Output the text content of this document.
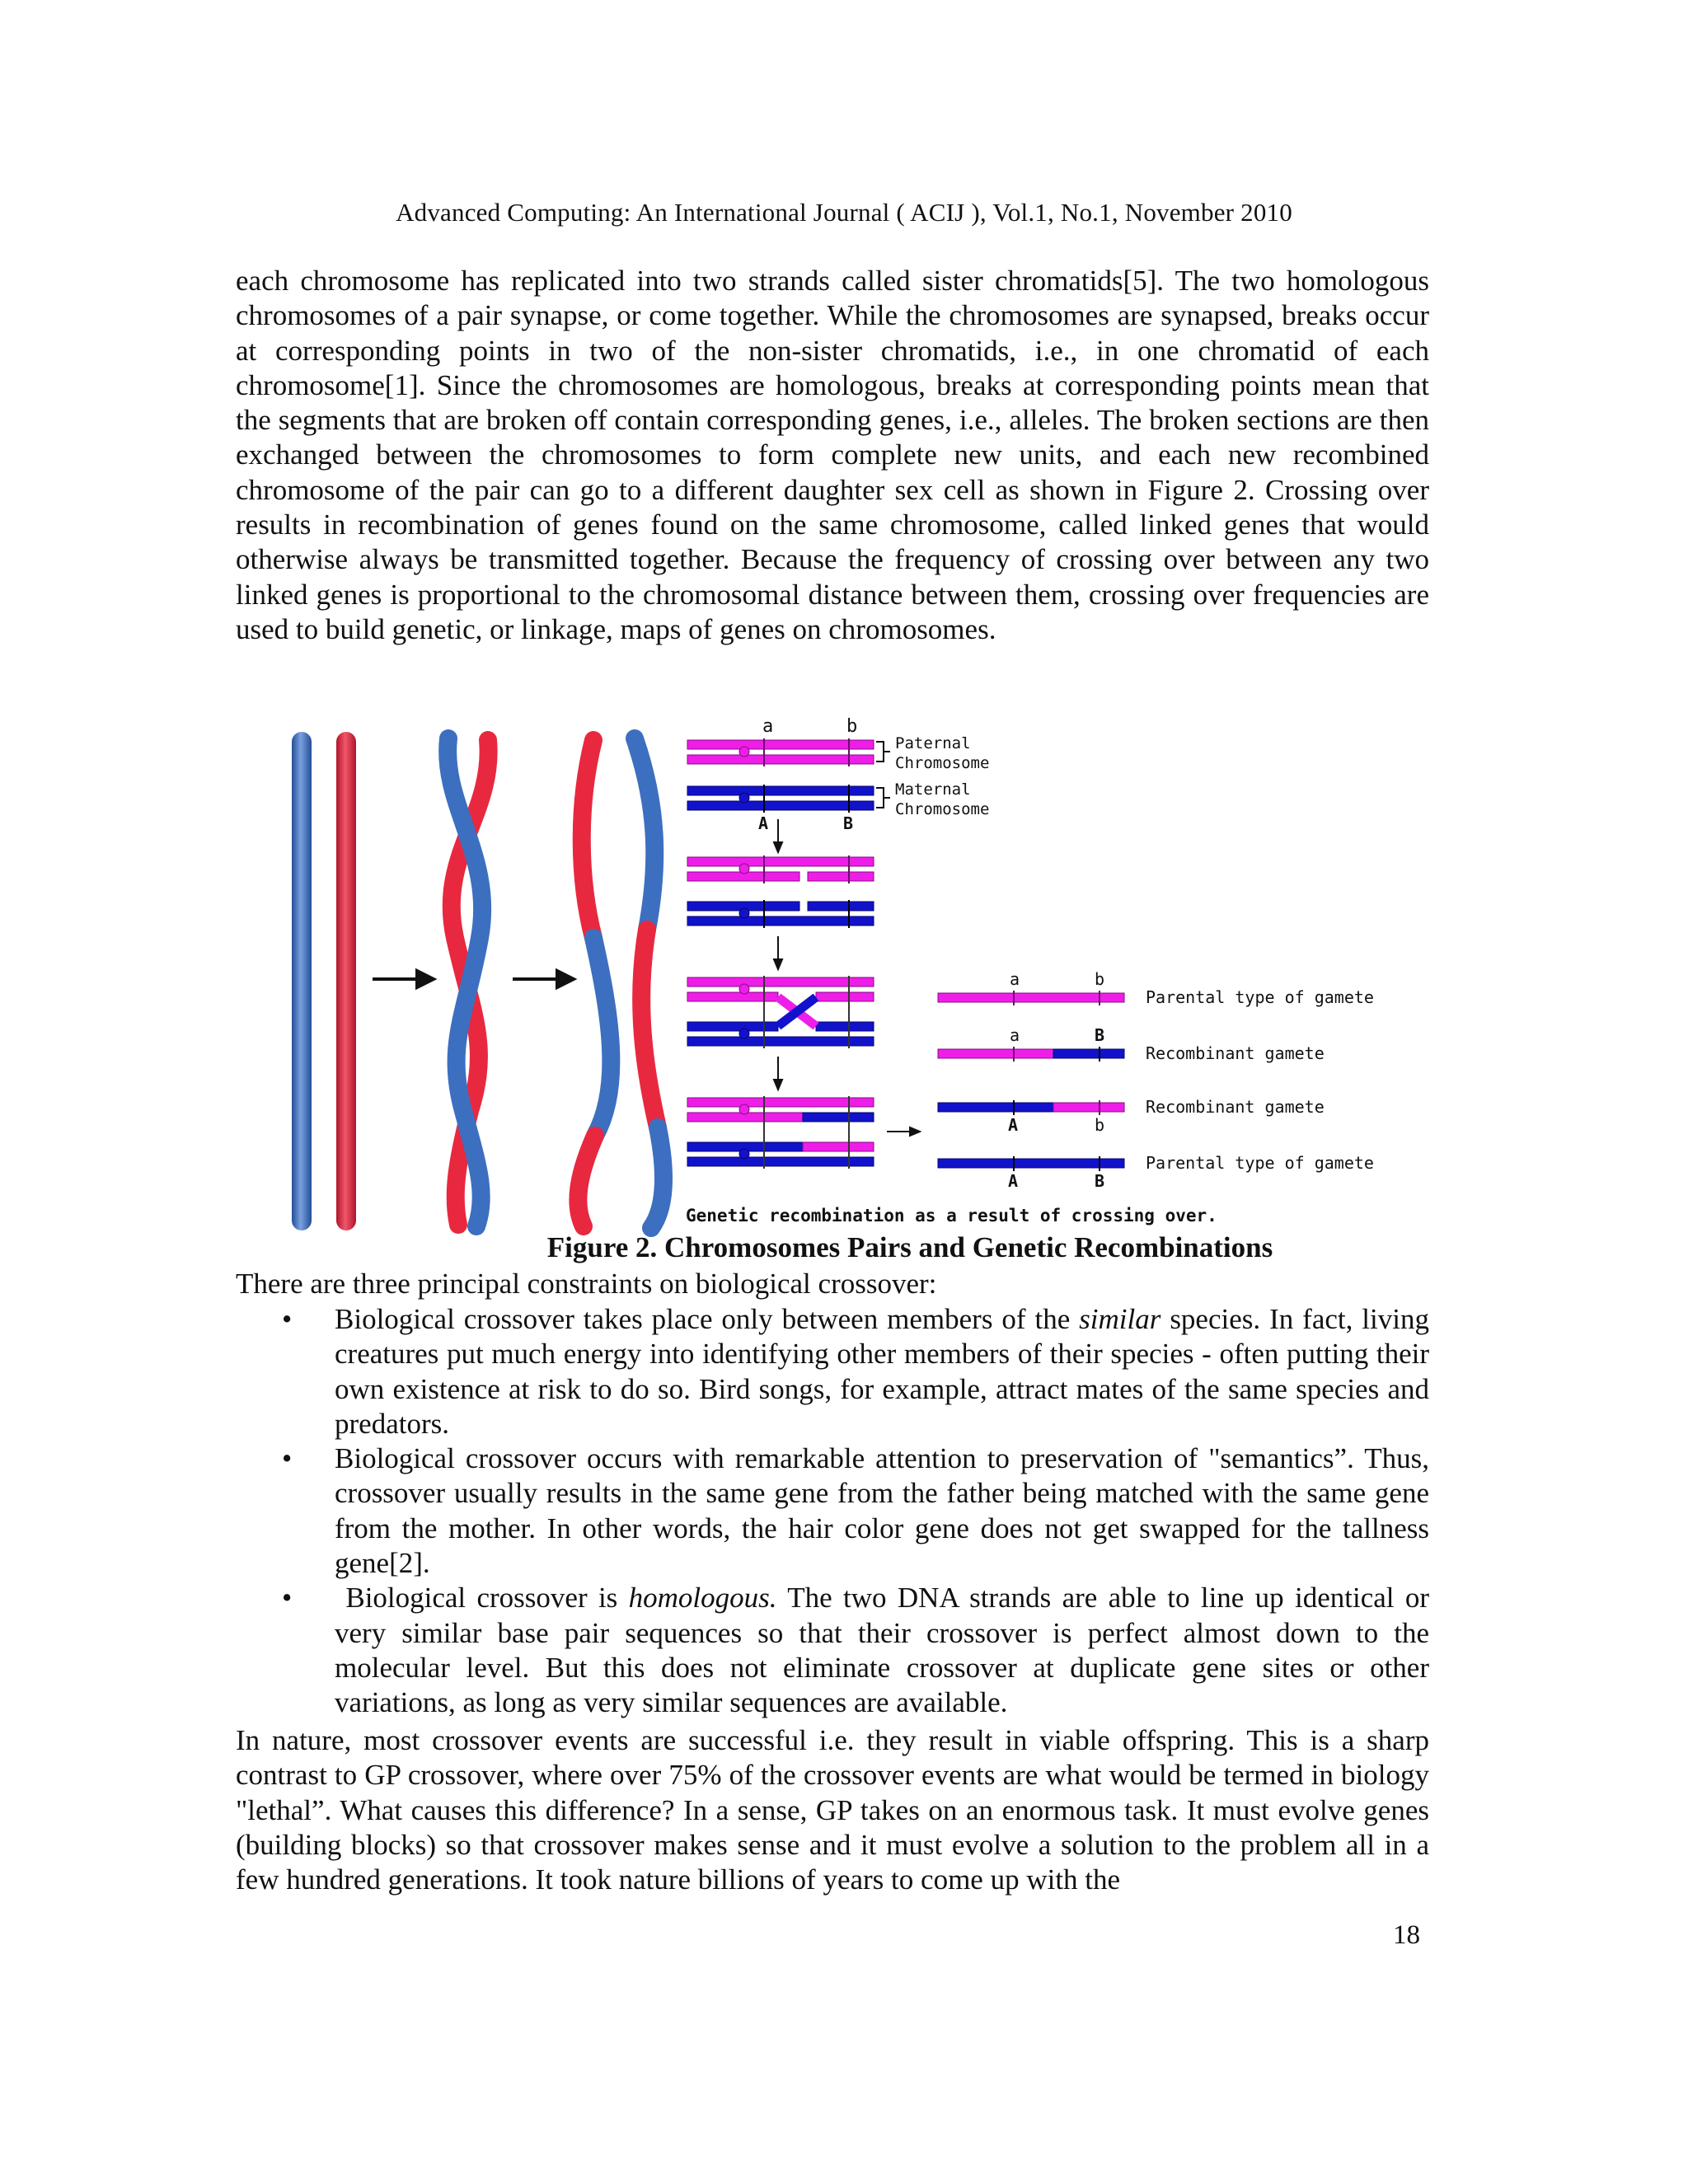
Advanced Computing: An International Journal ( ACIJ ), Vol.1, No.1, November 2010

each chromosome has replicated into two strands called sister chromatids[5]. The two homologous chromosomes of a pair synapse, or come together. While the chromosomes are synapsed, breaks occur at corresponding points in two of the non-sister chromatids, i.e., in one chromatid of each chromosome[1]. Since the chromosomes are homologous, breaks at corresponding points mean that the segments that are broken off contain corresponding genes, i.e., alleles. The broken sections are then exchanged between the chromosomes to form complete new units, and each new recombined chromosome of the pair can go to a different daughter sex cell as shown in Figure 2. Crossing over results in recombination of genes found on the same chromosome, called linked genes that would otherwise always be transmitted together. Because the frequency of crossing over between any two linked genes is proportional to the chromosomal distance between them, crossing over frequencies are used to build genetic, or linkage, maps of genes on chromosomes.

a	b
Paternal
Chromosome
Maternal
Chromosome
A	B
a	b
Parental type of gamete
a	B
Recombinant gamete
A	b
Recombinant gamete
A	B
Parental type of gamete
Genetic recombination as a result of crossing over.
Figure 2. Chromosomes Pairs and Genetic Recombinations

There are three principal constraints on biological crossover:

• Biological crossover takes place only between members of the similar species. In fact, living creatures put much energy into identifying other members of their species - often putting their own existence at risk to do so. Bird songs, for example, attract mates of the same species and predators.
• Biological crossover occurs with remarkable attention to preservation of "semantics”. Thus, crossover usually results in the same gene from the father being matched with the same gene from the mother. In other words, the hair color gene does not get swapped for the tallness gene[2].
• Biological crossover is homologous. The two DNA strands are able to line up identical or very similar base pair sequences so that their crossover is perfect almost down to the molecular level. But this does not eliminate crossover at duplicate gene sites or other variations, as long as very similar sequences are available.

In nature, most crossover events are successful i.e. they result in viable offspring. This is a sharp contrast to GP crossover, where over 75% of the crossover events are what would be termed in biology "lethal”. What causes this difference? In a sense, GP takes on an enormous task. It must evolve genes (building blocks) so that crossover makes sense and it must evolve a solution to the problem all in a few hundred generations. It took nature billions of years to come up with the

18
